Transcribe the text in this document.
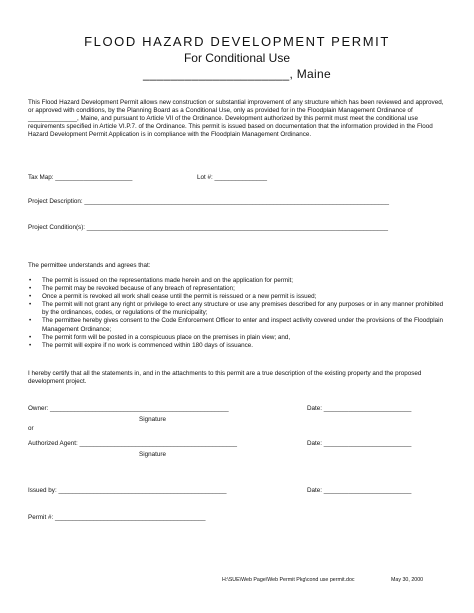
FLOOD HAZARD DEVELOPMENT PERMIT
For Conditional Use
_____________________, Maine

This Flood Hazard Development Permit allows new construction or substantial improvement of any structure which has been reviewed and approved, or approved with conditions, by the Planning Board as a Conditional Use, only as provided for in the Floodplain Management Ordinance of ______________, Maine, and pursuant to Article VII of the Ordinance. Development authorized by this permit must meet the conditional use requirements specified in Article VI.P.7. of the Ordinance. This permit is issued based on documentation that the information provided in the Flood Hazard Development Permit Application is in compliance with the Floodplain Management Ordinance.

Tax Map: ______________________	Lot #: _______________
Project Description: _______________________________________________________________________________________
Project Condition(s): ______________________________________________________________________________________
The permittee understands and agrees that:
• The permit is issued on the representations made herein and on the application for permit;
• The permit may be revoked because of any breach of representation;
• Once a permit is revoked all work shall cease until the permit is reissued or a new permit is issued;
• The permit will not grant any right or privilege to erect any structure or use any premises described for any purposes or in any manner prohibited by the ordinances, codes, or regulations of the municipality;
• The permittee hereby gives consent to the Code Enforcement Officer to enter and inspect activity covered under the provisions of the Floodplain Management Ordinance;
• The permit form will be posted in a conspicuous place on the premises in plain view; and,
• The permit will expire if no work is commenced within 180 days of issuance.

I hereby certify that all the statements in, and in the attachments to this permit are a true description of the existing property and the proposed development project.

Owner: ___________________________________________________	Date: _________________________
Signature
or
Authorized Agent: _____________________________________________	Date: _________________________
Signature
Issued by: ________________________________________________	Date: _________________________
Permit #: ___________________________________________
H:\SUE\Web Page\Web Permit Pkg\cond use permit.doc	May 30, 2000
